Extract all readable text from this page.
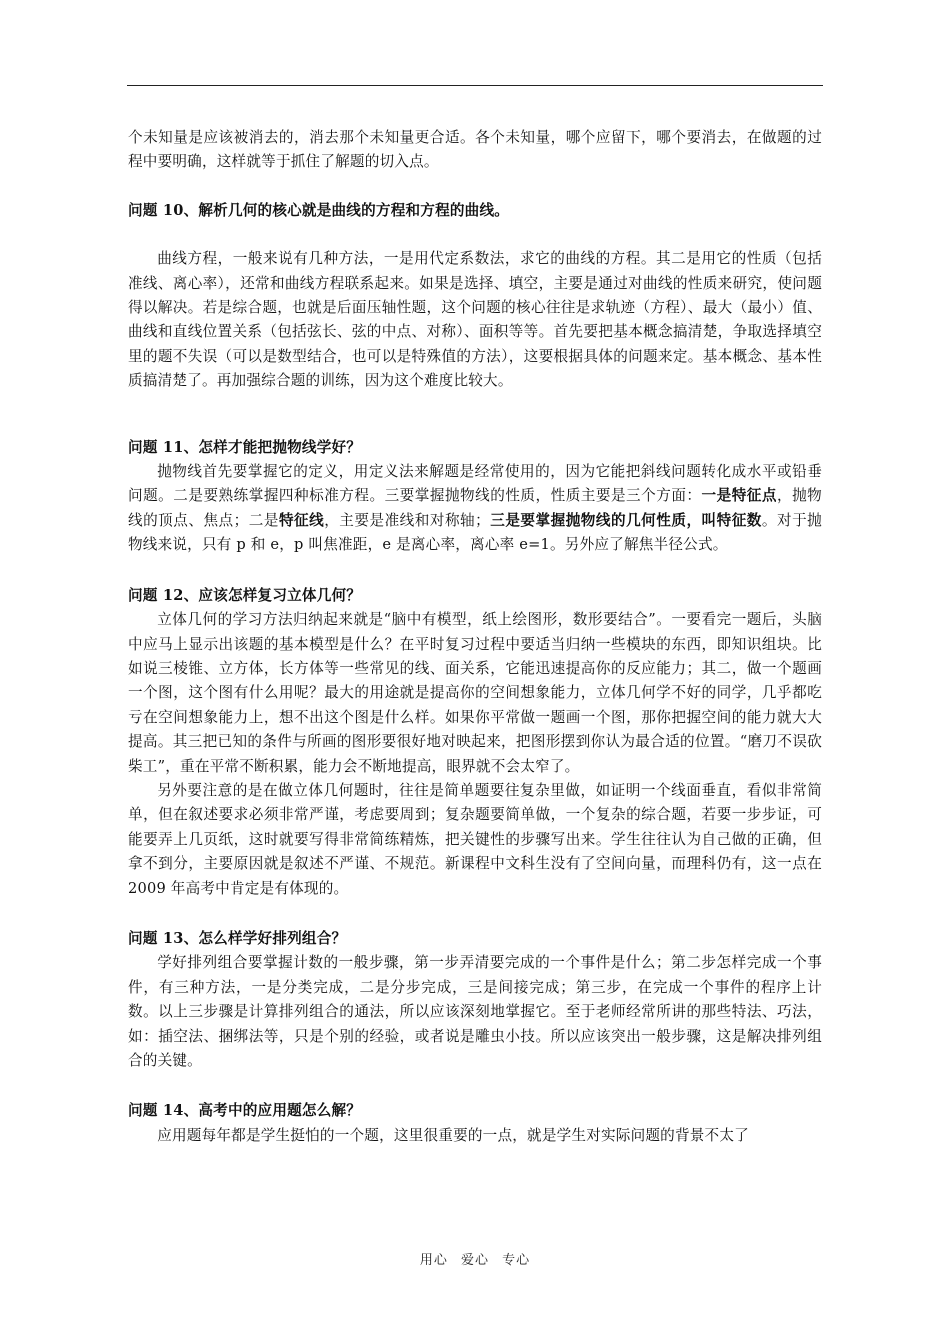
个未知量是应该被消去的，消去那个未知量更合适。各个未知量，哪个应留下，哪个要消去，在做题的过程中要明确，这样就等于抓住了解题的切入点。

问题 10、解析几何的核心就是曲线的方程和方程的曲线。

曲线方程，一般来说有几种方法，一是用代定系数法，求它的曲线的方程。其二是用它的性质（包括准线、离心率），还常和曲线方程联系起来。如果是选择、填空，主要是通过对曲线的性质来研究，使问题得以解决。若是综合题，也就是后面压轴性题，这个问题的核心往往是求轨迹（方程）、最大（最小）值、曲线和直线位置关系（包括弦长、弦的中点、对称）、面积等等。首先要把基本概念搞清楚，争取选择填空里的题不失误（可以是数型结合，也可以是特殊值的方法），这要根据具体的问题来定。基本概念、基本性质搞清楚了。再加强综合题的训练，因为这个难度比较大。

问题 11、怎样才能把抛物线学好？

抛物线首先要掌握它的定义，用定义法来解题是经常使用的，因为它能把斜线问题转化成水平或铅垂问题。二是要熟练掌握四种标准方程。三要掌握抛物线的性质，性质主要是三个方面：一是特征点，抛物线的顶点、焦点；二是特征线，主要是准线和对称轴；三是要掌握抛物线的几何性质，叫特征数。对于抛物线来说，只有 p 和 e，p 叫焦准距，e 是离心率，离心率 e=1。另外应了解焦半径公式。

问题 12、应该怎样复习立体几何？

立体几何的学习方法归纳起来就是“脑中有模型，纸上绘图形，数形要结合”。一要看完一题后，头脑中应马上显示出该题的基本模型是什么？在平时复习过程中要适当归纳一些模块的东西，即知识组块。比如说三棱锥、立方体，长方体等一些常见的线、面关系，它能迅速提高你的反应能力；其二，做一个题画一个图，这个图有什么用呢？最大的用途就是提高你的空间想象能力，立体几何学不好的同学，几乎都吃亏在空间想象能力上，想不出这个图是什么样。如果你平常做一题画一个图，那你把握空间的能力就大大提高。其三把已知的条件与所画的图形要很好地对映起来，把图形摆到你认为最合适的位置。“磨刀不误砍柴工”，重在平常不断积累，能力会不断地提高，眼界就不会太窄了。

另外要注意的是在做立体几何题时，往往是简单题要往复杂里做，如证明一个线面垂直，看似非常简单，但在叙述要求必须非常严谨，考虑要周到；复杂题要简单做，一个复杂的综合题，若要一步步证，可能要弄上几页纸，这时就要写得非常简练精炼，把关键性的步骤写出来。学生往往认为自己做的正确，但拿不到分，主要原因就是叙述不严谨、不规范。新课程中文科生没有了空间向量，而理科仍有，这一点在 2009 年高考中肯定是有体现的。

问题 13、怎么样学好排列组合？

学好排列组合要掌握计数的一般步骤，第一步弄清要完成的一个事件是什么；第二步怎样完成一个事件，有三种方法，一是分类完成，二是分步完成，三是间接完成；第三步，在完成一个事件的程序上计数。以上三步骤是计算排列组合的通法，所以应该深刻地掌握它。至于老师经常所讲的那些特法、巧法，如：插空法、捆绑法等，只是个别的经验，或者说是雕虫小技。所以应该突出一般步骤，这是解决排列组合的关键。

问题 14、高考中的应用题怎么解？

应用题每年都是学生挺怕的一个题，这里很重要的一点，就是学生对实际问题的背景不太了

用心 爱心 专心
